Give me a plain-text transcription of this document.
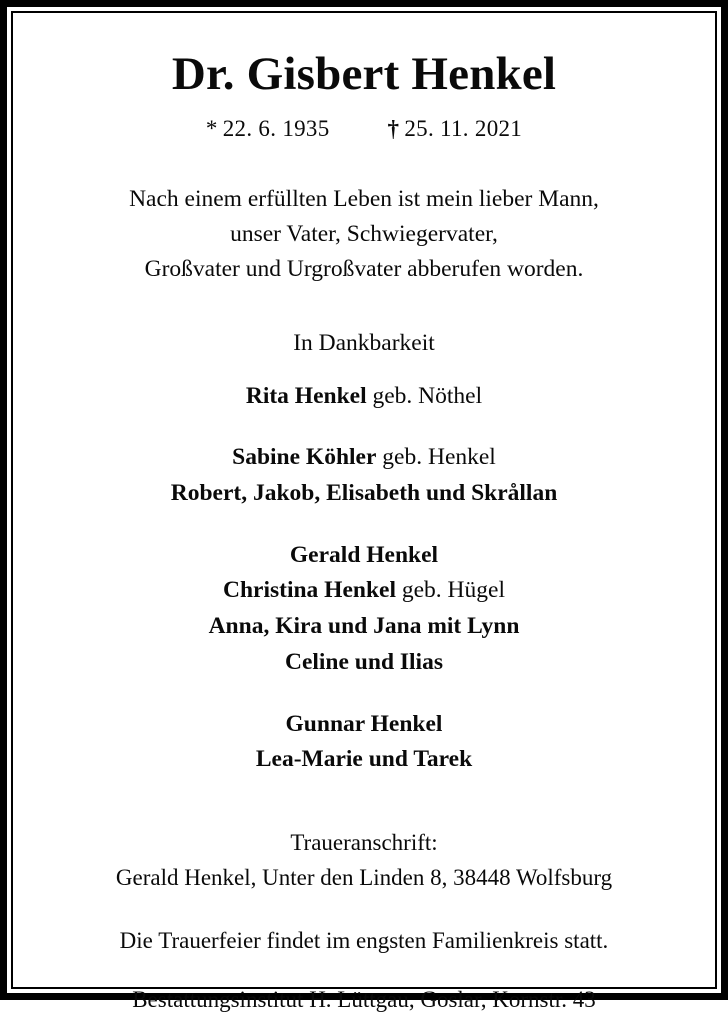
Dr. Gisbert Henkel
* 22. 6. 1935	† 25. 11. 2021
Nach einem erfüllten Leben ist mein lieber Mann,
unser Vater, Schwiegervater,
Großvater und Urgroßvater abberufen worden.
In Dankbarkeit
Rita Henkel geb. Nöthel
Sabine Köhler geb. Henkel
Robert, Jakob, Elisabeth und Skrållan
Gerald Henkel
Christina Henkel geb. Hügel
Anna, Kira und Jana mit Lynn
Celine und Ilias
Gunnar Henkel
Lea-Marie und Tarek
Traueranschrift:
Gerald Henkel, Unter den Linden 8, 38448 Wolfsburg
Die Trauerfeier findet im engsten Familienkreis statt.
Bestattungsinstitut H. Lüttgau, Goslar, Kornstr. 43
